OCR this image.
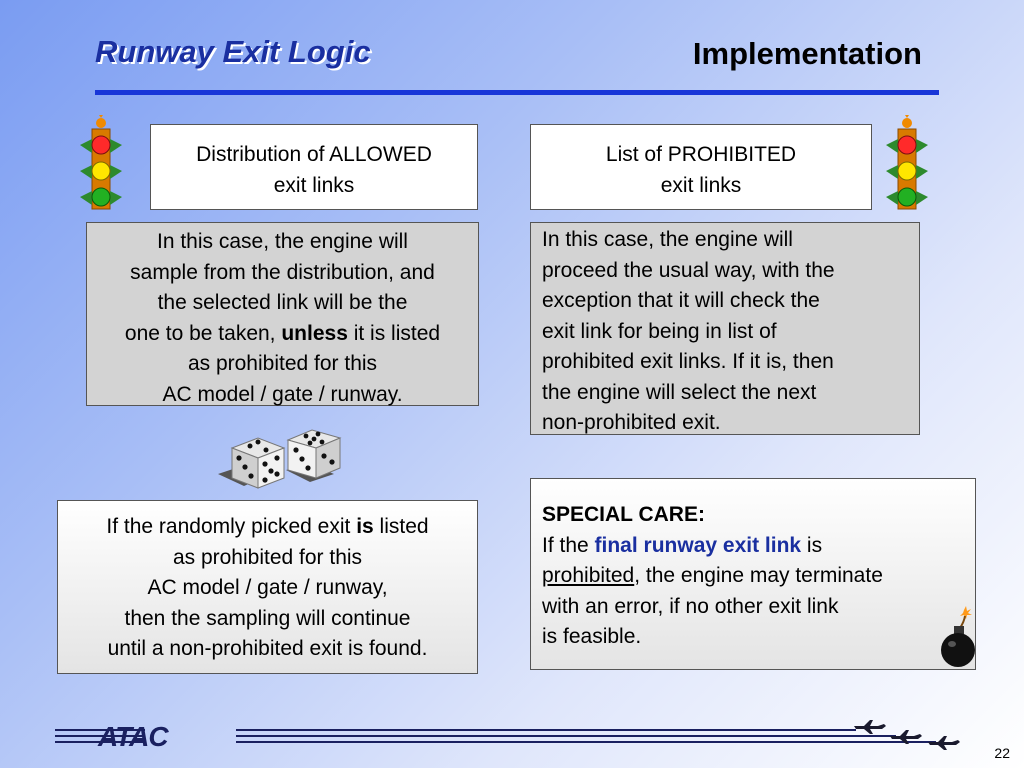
Runway Exit Logic	Implementation
Distribution of ALLOWED
exit links
List of PROHIBITED
exit links
In this case, the engine will
sample from the distribution, and
the selected link will be the
one to be taken, unless it is listed
as prohibited for this
AC model / gate / runway.
In this case, the engine will
proceed the usual way, with the
exception that it will check the
exit link for being in list of
prohibited exit links. If it is, then
the engine will select the next
non-prohibited exit.
If the randomly picked exit is listed
as prohibited for this
AC model / gate / runway,
then the sampling will continue
until a non-prohibited exit is found.
SPECIAL CARE:
If the final runway exit link is
prohibited, the engine may terminate
with an error, if no other exit link
is feasible.
ATAC
22
